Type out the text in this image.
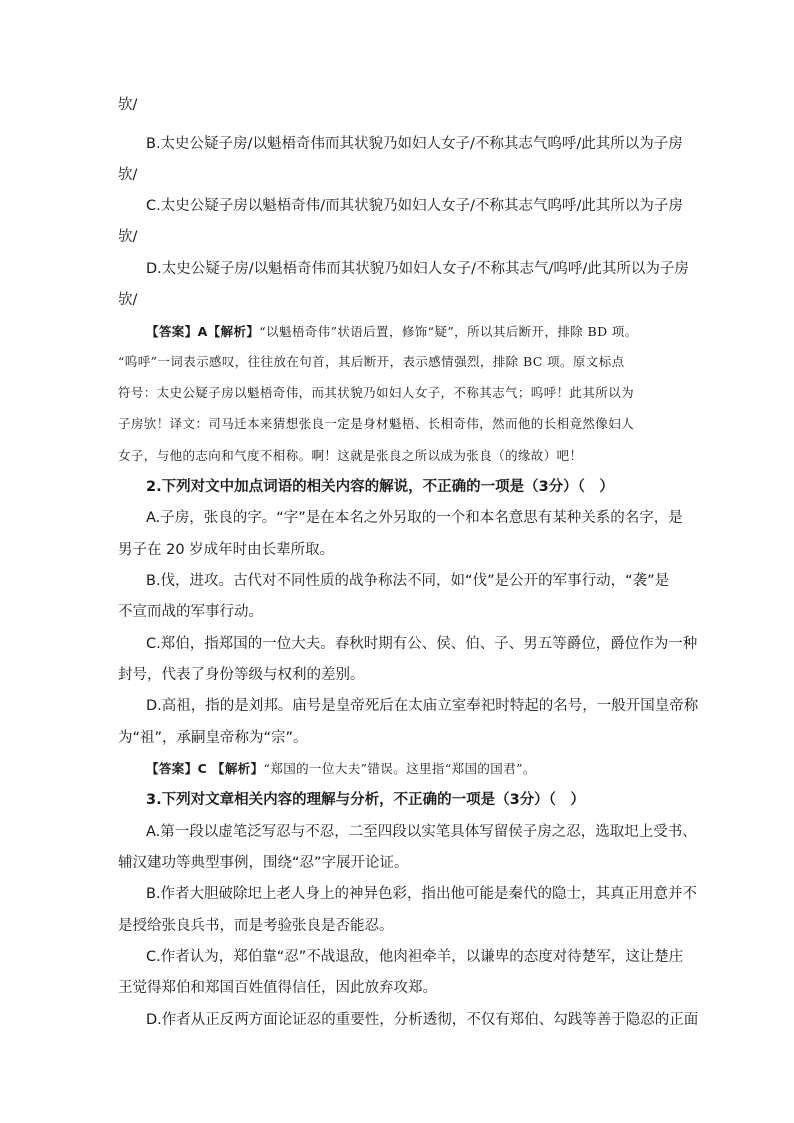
欤/
B.太史公疑子房/以魁梧奇伟而其状貌乃如妇人女子/不称其志气呜呼/此其所以为子房
欤/
C.太史公疑子房以魁梧奇伟/而其状貌乃如妇人女子/不称其志气呜呼/此其所以为子房
欤/
D.太史公疑子房/以魁梧奇伟而其状貌乃如妇人女子/不称其志气/呜呼/此其所以为子房
欤/
【答案】A【解析】“以魁梧奇伟”状语后置，修饰“疑”，所以其后断开，排除 BD 项。
“呜呼”一词表示感叹，往往放在句首，其后断开，表示感情强烈，排除 BC 项。原文标点
符号：太史公疑子房以魁梧奇伟，而其状貌乃如妇人女子，不称其志气；呜呼！此其所以为
子房欤！译文：司马迁本来猜想张良一定是身材魁梧、长相奇伟，然而他的长相竟然像妇人
女子，与他的志向和气度不相称。啊！这就是张良之所以成为张良（的缘故）吧！
2.下列对文中加点词语的相关内容的解说，不正确的一项是（3分）（　）
A.子房，张良的字。“字”是在本名之外另取的一个和本名意思有某种关系的名字，是
男子在 20 岁成年时由长辈所取。
B.伐，进攻。古代对不同性质的战争称法不同，如“伐”是公开的军事行动，“袭”是
不宣而战的军事行动。
C.郑伯，指郑国的一位大夫。春秋时期有公、侯、伯、子、男五等爵位，爵位作为一种
封号，代表了身份等级与权利的差别。
D.高祖，指的是刘邦。庙号是皇帝死后在太庙立室奉祀时特起的名号，一般开国皇帝称
为“祖”，承嗣皇帝称为“宗”。
【答案】C 【解析】“郑国的一位大夫”错误。这里指“郑国的国君”。
3.下列对文章相关内容的理解与分析，不正确的一项是（3分）（　）
A.第一段以虚笔泛写忍与不忍，二至四段以实笔具体写留侯子房之忍，选取圯上受书、
辅汉建功等典型事例，围绕“忍”字展开论证。
B.作者大胆破除圯上老人身上的神异色彩，指出他可能是秦代的隐士，其真正用意并不
是授给张良兵书，而是考验张良是否能忍。
C.作者认为，郑伯靠“忍”不战退敌，他肉袒牵羊，以谦卑的态度对待楚军，这让楚庄
王觉得郑伯和郑国百姓值得信任，因此放弃攻郑。
D.作者从正反两方面论证忍的重要性，分析透彻，不仅有郑伯、勾践等善于隐忍的正面
